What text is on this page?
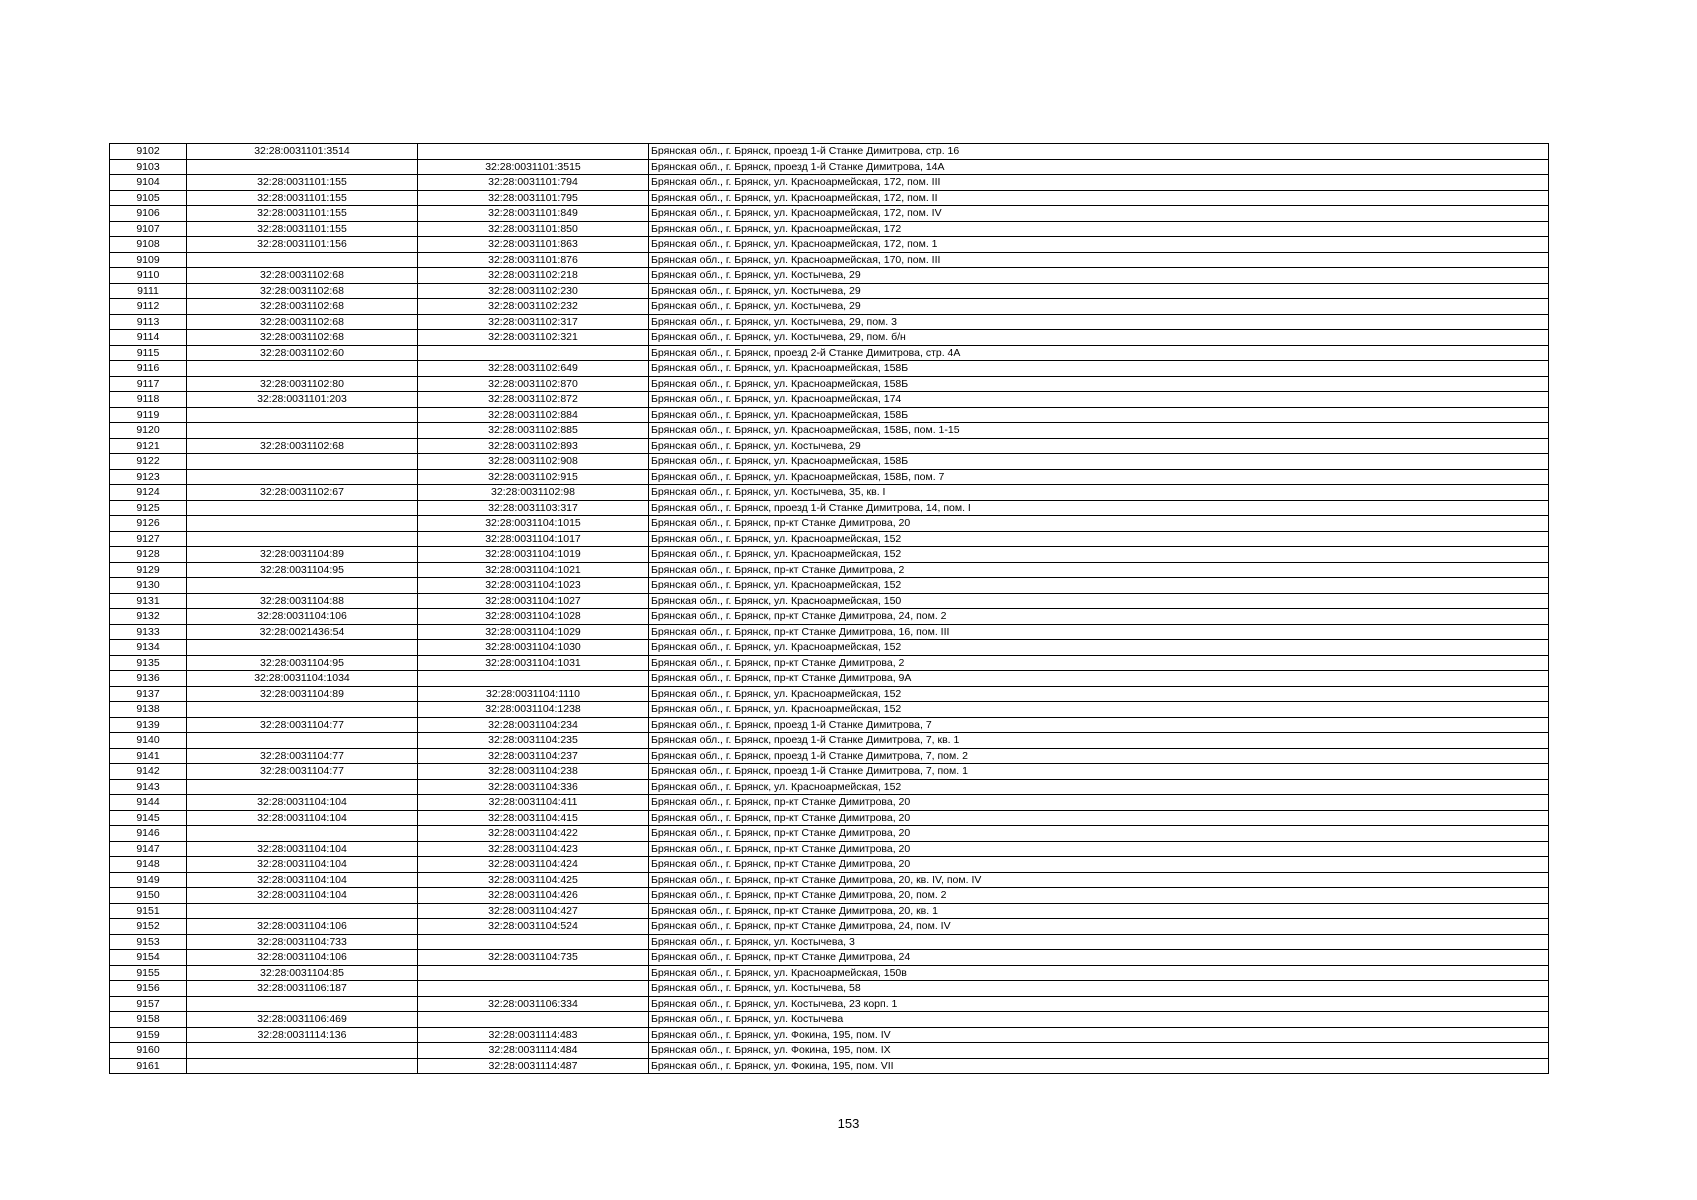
9102	32:28:0031101:3514		Брянская обл., г. Брянск, проезд 1-й Станке Димитрова, стр. 16
9103		32:28:0031101:3515	Брянская обл., г. Брянск, проезд 1-й Станке Димитрова, 14А
9104	32:28:0031101:155	32:28:0031101:794	Брянская обл., г. Брянск, ул. Красноармейская, 172, пом. III
9105	32:28:0031101:155	32:28:0031101:795	Брянская обл., г. Брянск, ул. Красноармейская, 172, пом. II
9106	32:28:0031101:155	32:28:0031101:849	Брянская обл., г. Брянск, ул. Красноармейская, 172, пом. IV
9107	32:28:0031101:155	32:28:0031101:850	Брянская обл., г. Брянск, ул. Красноармейская, 172
9108	32:28:0031101:156	32:28:0031101:863	Брянская обл., г. Брянск, ул. Красноармейская, 172, пом. 1
9109		32:28:0031101:876	Брянская обл., г. Брянск, ул. Красноармейская, 170, пом. III
9110	32:28:0031102:68	32:28:0031102:218	Брянская обл., г. Брянск, ул. Костычева, 29
9111	32:28:0031102:68	32:28:0031102:230	Брянская обл., г. Брянск, ул. Костычева, 29
9112	32:28:0031102:68	32:28:0031102:232	Брянская обл., г. Брянск, ул. Костычева, 29
9113	32:28:0031102:68	32:28:0031102:317	Брянская обл., г. Брянск, ул. Костычева, 29, пом. 3
9114	32:28:0031102:68	32:28:0031102:321	Брянская обл., г. Брянск, ул. Костычева, 29, пом. б/н
9115	32:28:0031102:60		Брянская обл., г. Брянск, проезд 2-й Станке Димитрова, стр. 4А
9116		32:28:0031102:649	Брянская обл., г. Брянск, ул. Красноармейская, 158Б
9117	32:28:0031102:80	32:28:0031102:870	Брянская обл., г. Брянск, ул. Красноармейская, 158Б
9118	32:28:0031101:203	32:28:0031102:872	Брянская обл., г. Брянск, ул. Красноармейская, 174
9119		32:28:0031102:884	Брянская обл., г. Брянск, ул. Красноармейская, 158Б
9120		32:28:0031102:885	Брянская обл., г. Брянск, ул. Красноармейская, 158Б, пом. 1-15
9121	32:28:0031102:68	32:28:0031102:893	Брянская обл., г. Брянск, ул. Костычева, 29
9122		32:28:0031102:908	Брянская обл., г. Брянск, ул. Красноармейская, 158Б
9123		32:28:0031102:915	Брянская обл., г. Брянск, ул. Красноармейская, 158Б, пом. 7
9124	32:28:0031102:67	32:28:0031102:98	Брянская обл., г. Брянск, ул. Костычева, 35, кв. I
9125		32:28:0031103:317	Брянская обл., г. Брянск, проезд 1-й Станке Димитрова, 14, пом. I
9126		32:28:0031104:1015	Брянская обл., г. Брянск, пр-кт Станке Димитрова, 20
9127		32:28:0031104:1017	Брянская обл., г. Брянск, ул. Красноармейская, 152
9128	32:28:0031104:89	32:28:0031104:1019	Брянская обл., г. Брянск, ул. Красноармейская, 152
9129	32:28:0031104:95	32:28:0031104:1021	Брянская обл., г. Брянск, пр-кт Станке Димитрова, 2
9130		32:28:0031104:1023	Брянская обл., г. Брянск, ул. Красноармейская, 152
9131	32:28:0031104:88	32:28:0031104:1027	Брянская обл., г. Брянск, ул. Красноармейская, 150
9132	32:28:0031104:106	32:28:0031104:1028	Брянская обл., г. Брянск, пр-кт Станке Димитрова, 24, пом. 2
9133	32:28:0021436:54	32:28:0031104:1029	Брянская обл., г. Брянск, пр-кт Станке Димитрова, 16, пом. III
9134		32:28:0031104:1030	Брянская обл., г. Брянск, ул. Красноармейская, 152
9135	32:28:0031104:95	32:28:0031104:1031	Брянская обл., г. Брянск, пр-кт Станке Димитрова, 2
9136	32:28:0031104:1034		Брянская обл., г. Брянск, пр-кт Станке Димитрова, 9А
9137	32:28:0031104:89	32:28:0031104:1110	Брянская обл., г. Брянск, ул. Красноармейская, 152
9138		32:28:0031104:1238	Брянская обл., г. Брянск, ул. Красноармейская, 152
9139	32:28:0031104:77	32:28:0031104:234	Брянская обл., г. Брянск, проезд 1-й Станке Димитрова, 7
9140		32:28:0031104:235	Брянская обл., г. Брянск, проезд 1-й Станке Димитрова, 7, кв. 1
9141	32:28:0031104:77	32:28:0031104:237	Брянская обл., г. Брянск, проезд 1-й Станке Димитрова, 7, пом. 2
9142	32:28:0031104:77	32:28:0031104:238	Брянская обл., г. Брянск, проезд 1-й Станке Димитрова, 7, пом. 1
9143		32:28:0031104:336	Брянская обл., г. Брянск, ул. Красноармейская, 152
9144	32:28:0031104:104	32:28:0031104:411	Брянская обл., г. Брянск, пр-кт Станке Димитрова, 20
9145	32:28:0031104:104	32:28:0031104:415	Брянская обл., г. Брянск, пр-кт Станке Димитрова, 20
9146		32:28:0031104:422	Брянская обл., г. Брянск, пр-кт Станке Димитрова, 20
9147	32:28:0031104:104	32:28:0031104:423	Брянская обл., г. Брянск, пр-кт Станке Димитрова, 20
9148	32:28:0031104:104	32:28:0031104:424	Брянская обл., г. Брянск, пр-кт Станке Димитрова, 20
9149	32:28:0031104:104	32:28:0031104:425	Брянская обл., г. Брянск, пр-кт Станке Димитрова, 20, кв. IV, пом. IV
9150	32:28:0031104:104	32:28:0031104:426	Брянская обл., г. Брянск, пр-кт Станке Димитрова, 20, пом. 2
9151		32:28:0031104:427	Брянская обл., г. Брянск, пр-кт Станке Димитрова, 20, кв. 1
9152	32:28:0031104:106	32:28:0031104:524	Брянская обл., г. Брянск, пр-кт Станке Димитрова, 24, пом. IV
9153	32:28:0031104:733		Брянская обл., г. Брянск, ул. Костычева, 3
9154	32:28:0031104:106	32:28:0031104:735	Брянская обл., г. Брянск, пр-кт Станке Димитрова, 24
9155	32:28:0031104:85		Брянская обл., г. Брянск, ул. Красноармейская, 150в
9156	32:28:0031106:187		Брянская обл., г. Брянск, ул. Костычева, 58
9157		32:28:0031106:334	Брянская обл., г. Брянск, ул. Костычева, 23 корп. 1
9158	32:28:0031106:469		Брянская обл., г. Брянск, ул. Костычева
9159	32:28:0031114:136	32:28:0031114:483	Брянская обл., г. Брянск, ул. Фокина, 195, пом. IV
9160		32:28:0031114:484	Брянская обл., г. Брянск, ул. Фокина, 195, пом. IX
9161		32:28:0031114:487	Брянская обл., г. Брянск, ул. Фокина, 195, пом. VII
153
